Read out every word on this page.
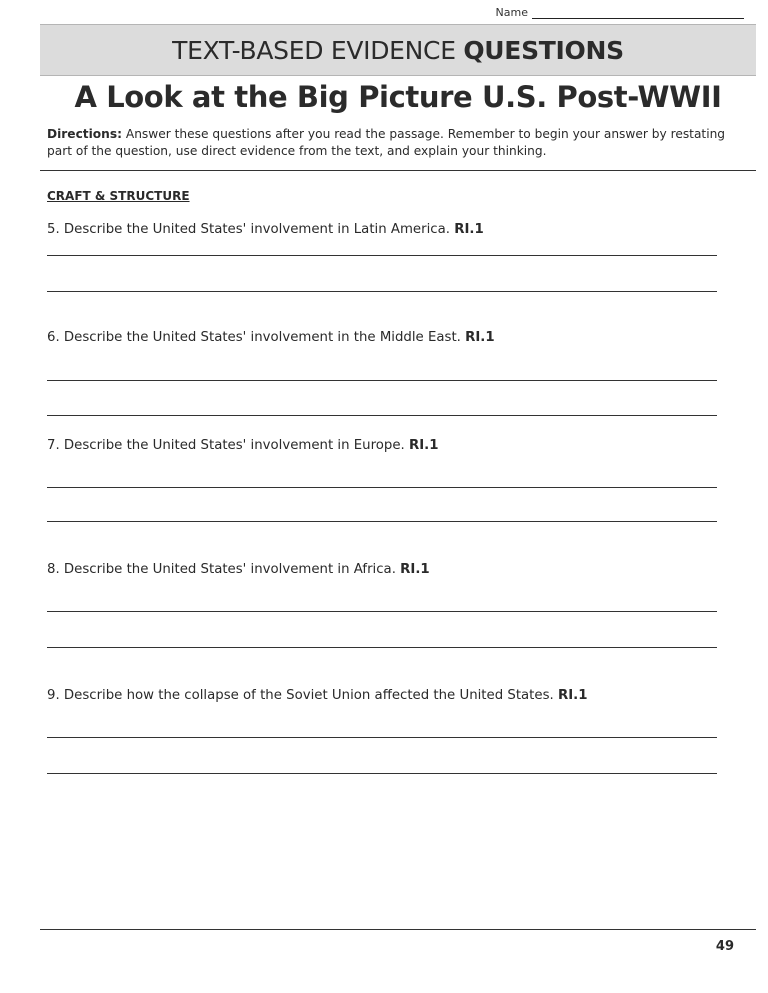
Name
TEXT-BASED EVIDENCE QUESTIONS
A Look at the Big Picture U.S. Post-WWII

Directions: Answer these questions after you read the passage. Remember to begin your answer by restating part of the question, use direct evidence from the text, and explain your thinking.

CRAFT & STRUCTURE

5. Describe the United States' involvement in Latin America. RI.1

6. Describe the United States' involvement in the Middle East. RI.1

7. Describe the United States' involvement in Europe. RI.1

8. Describe the United States' involvement in Africa. RI.1

9. Describe how the collapse of the Soviet Union affected the United States. RI.1

49
